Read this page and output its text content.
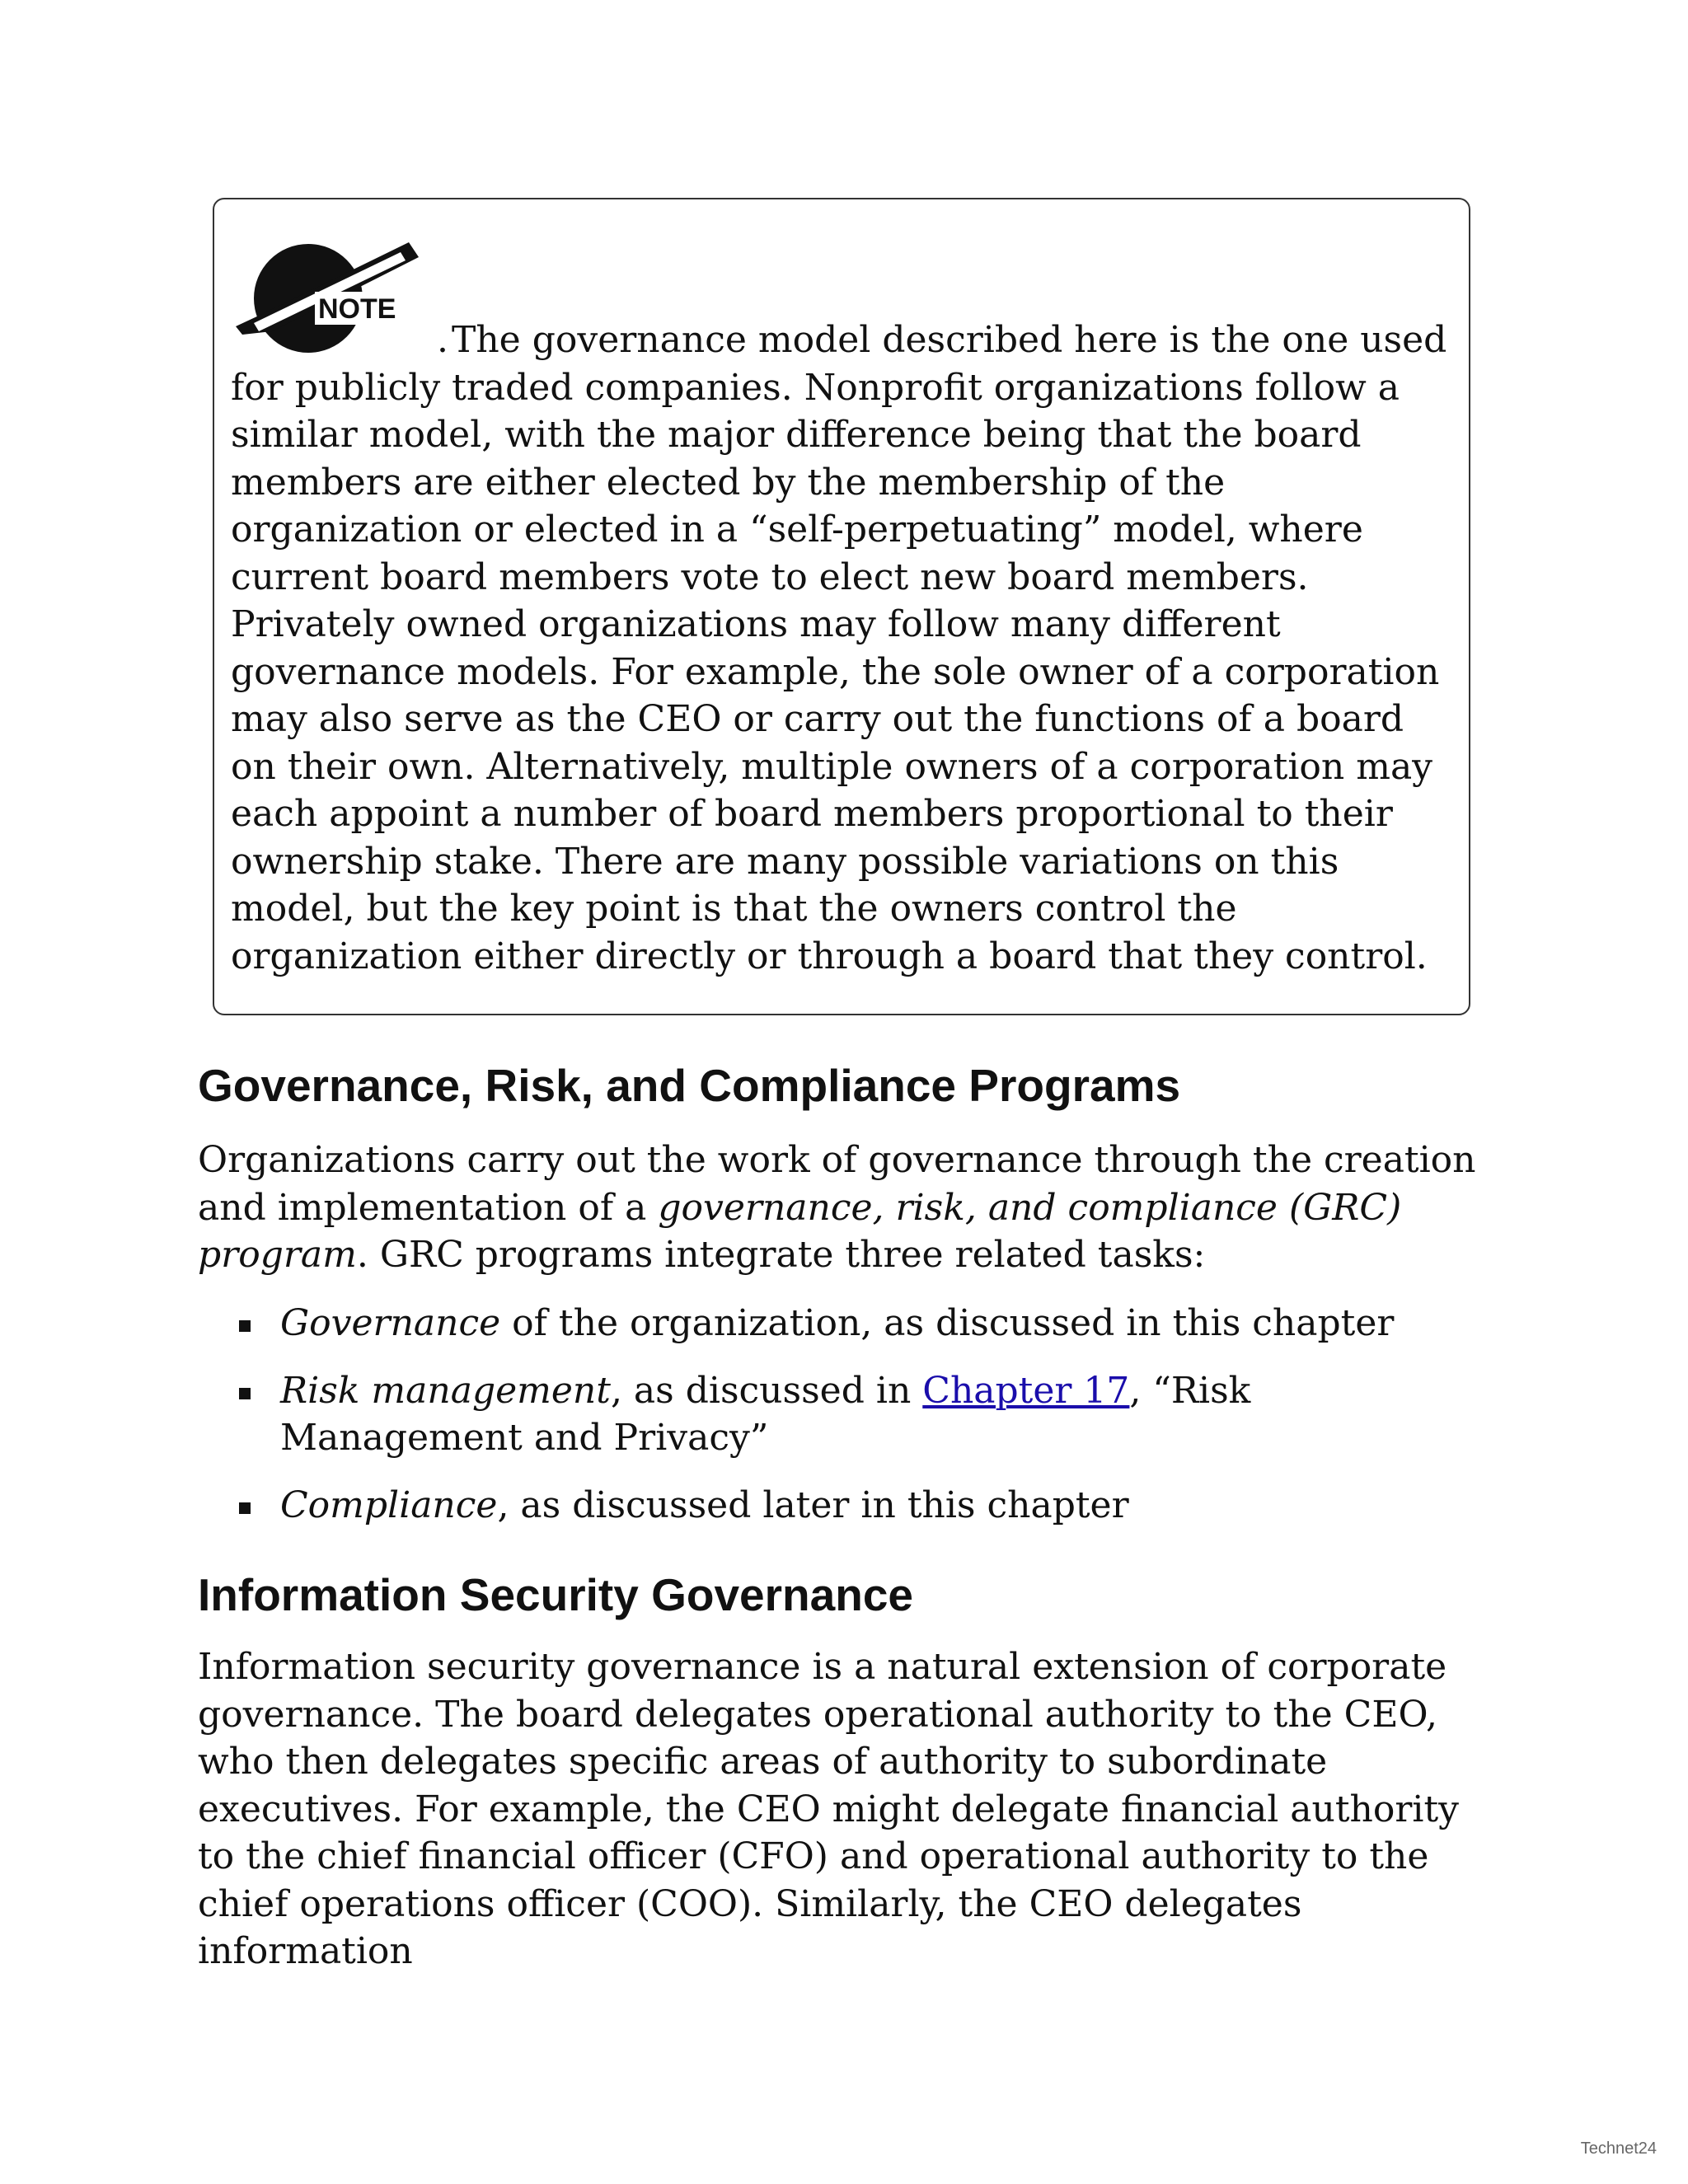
NOTE

.The governance model described here is the one used for publicly traded companies. Nonprofit organizations follow a similar model, with the major difference being that the board members are either elected by the membership of the organization or elected in a “self-perpetuating” model, where current board members vote to elect new board members. Privately owned organizations may follow many different governance models. For example, the sole owner of a corporation may also serve as the CEO or carry out the functions of a board on their own. Alternatively, multiple owners of a corporation may each appoint a number of board members proportional to their ownership stake. There are many possible variations on this model, but the key point is that the owners control the organization either directly or through a board that they control.

Governance, Risk, and Compliance Programs

Organizations carry out the work of governance through the creation and implementation of a governance, risk, and compliance (GRC) program. GRC programs integrate three related tasks:

Governance of the organization, as discussed in this chapter
Risk management, as discussed in Chapter 17, “Risk Management and Privacy”
Compliance, as discussed later in this chapter
Information Security Governance

Information security governance is a natural extension of corporate governance. The board delegates operational authority to the CEO, who then delegates specific areas of authority to subordinate executives. For example, the CEO might delegate financial authority to the chief financial officer (CFO) and operational authority to the chief operations officer (COO). Similarly, the CEO delegates information

Technet24
